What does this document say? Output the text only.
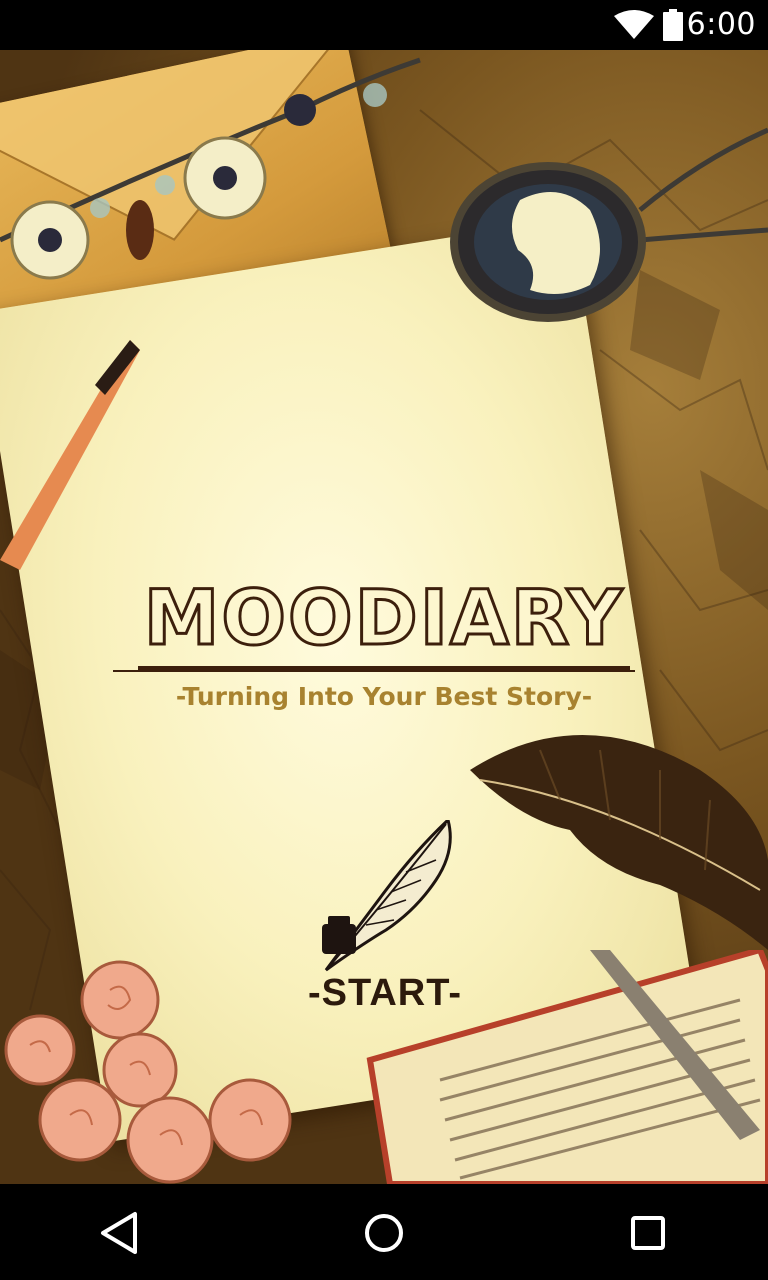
6:00
MOODIARY
-Turning Into Your Best Story-
-START-
